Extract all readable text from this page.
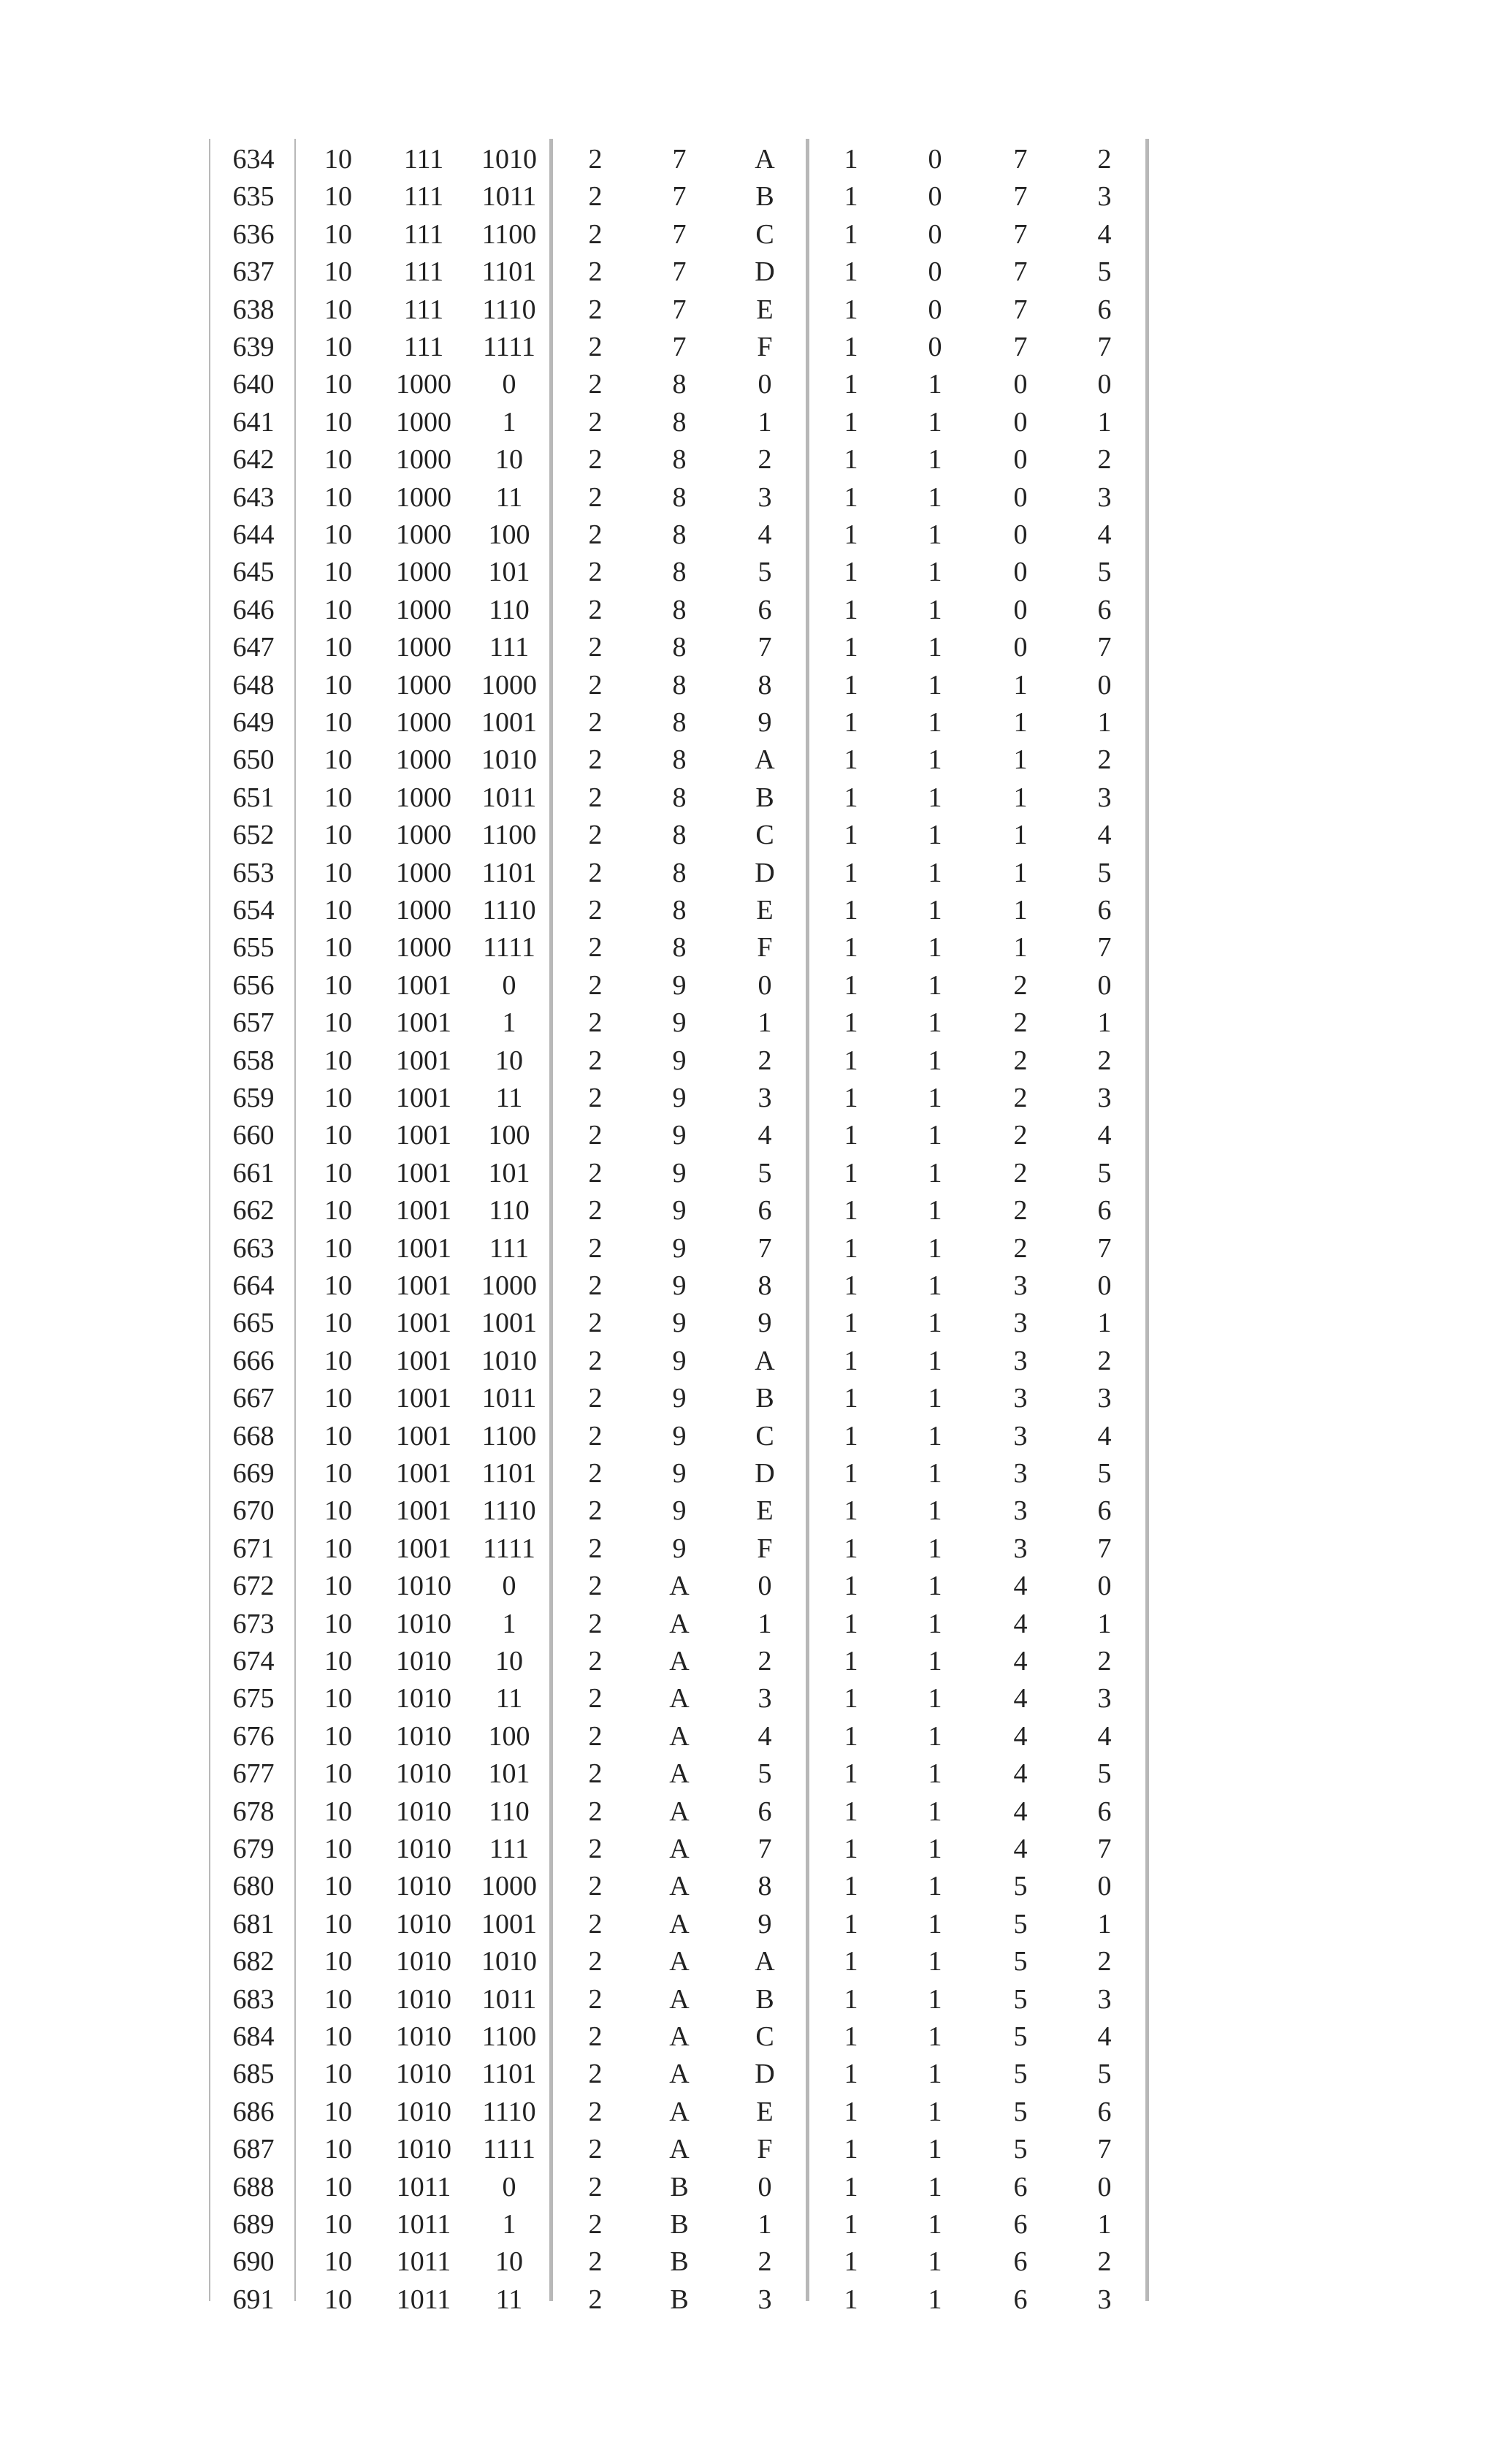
634	10	111	1010	2	7	A	1	0	7	2
635	10	111	1011	2	7	B	1	0	7	3
636	10	111	1100	2	7	C	1	0	7	4
637	10	111	1101	2	7	D	1	0	7	5
638	10	111	1110	2	7	E	1	0	7	6
639	10	111	1111	2	7	F	1	0	7	7
640	10	1000	0	2	8	0	1	1	0	0
641	10	1000	1	2	8	1	1	1	0	1
642	10	1000	10	2	8	2	1	1	0	2
643	10	1000	11	2	8	3	1	1	0	3
644	10	1000	100	2	8	4	1	1	0	4
645	10	1000	101	2	8	5	1	1	0	5
646	10	1000	110	2	8	6	1	1	0	6
647	10	1000	111	2	8	7	1	1	0	7
648	10	1000	1000	2	8	8	1	1	1	0
649	10	1000	1001	2	8	9	1	1	1	1
650	10	1000	1010	2	8	A	1	1	1	2
651	10	1000	1011	2	8	B	1	1	1	3
652	10	1000	1100	2	8	C	1	1	1	4
653	10	1000	1101	2	8	D	1	1	1	5
654	10	1000	1110	2	8	E	1	1	1	6
655	10	1000	1111	2	8	F	1	1	1	7
656	10	1001	0	2	9	0	1	1	2	0
657	10	1001	1	2	9	1	1	1	2	1
658	10	1001	10	2	9	2	1	1	2	2
659	10	1001	11	2	9	3	1	1	2	3
660	10	1001	100	2	9	4	1	1	2	4
661	10	1001	101	2	9	5	1	1	2	5
662	10	1001	110	2	9	6	1	1	2	6
663	10	1001	111	2	9	7	1	1	2	7
664	10	1001	1000	2	9	8	1	1	3	0
665	10	1001	1001	2	9	9	1	1	3	1
666	10	1001	1010	2	9	A	1	1	3	2
667	10	1001	1011	2	9	B	1	1	3	3
668	10	1001	1100	2	9	C	1	1	3	4
669	10	1001	1101	2	9	D	1	1	3	5
670	10	1001	1110	2	9	E	1	1	3	6
671	10	1001	1111	2	9	F	1	1	3	7
672	10	1010	0	2	A	0	1	1	4	0
673	10	1010	1	2	A	1	1	1	4	1
674	10	1010	10	2	A	2	1	1	4	2
675	10	1010	11	2	A	3	1	1	4	3
676	10	1010	100	2	A	4	1	1	4	4
677	10	1010	101	2	A	5	1	1	4	5
678	10	1010	110	2	A	6	1	1	4	6
679	10	1010	111	2	A	7	1	1	4	7
680	10	1010	1000	2	A	8	1	1	5	0
681	10	1010	1001	2	A	9	1	1	5	1
682	10	1010	1010	2	A	A	1	1	5	2
683	10	1010	1011	2	A	B	1	1	5	3
684	10	1010	1100	2	A	C	1	1	5	4
685	10	1010	1101	2	A	D	1	1	5	5
686	10	1010	1110	2	A	E	1	1	5	6
687	10	1010	1111	2	A	F	1	1	5	7
688	10	1011	0	2	B	0	1	1	6	0
689	10	1011	1	2	B	1	1	1	6	1
690	10	1011	10	2	B	2	1	1	6	2
691	10	1011	11	2	B	3	1	1	6	3
